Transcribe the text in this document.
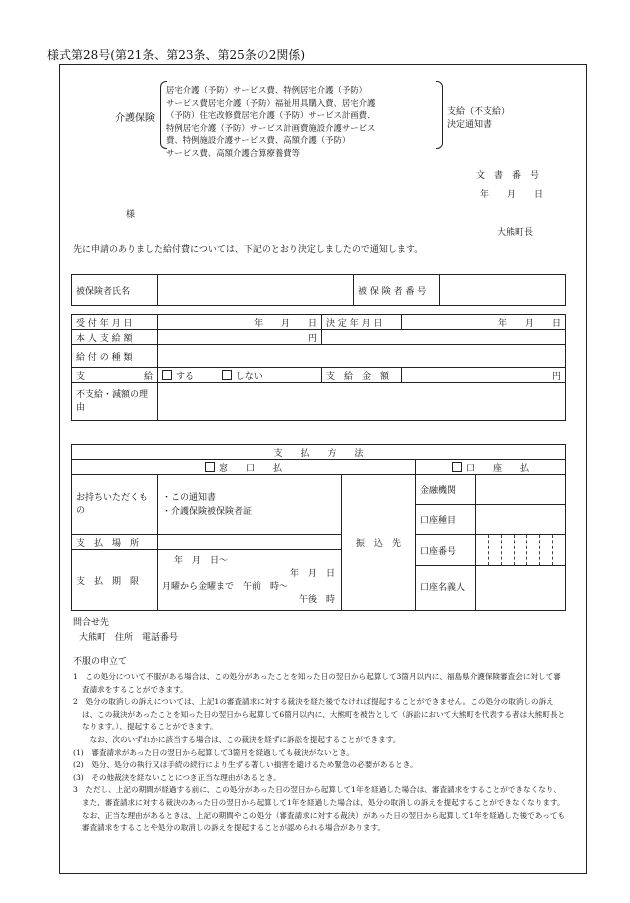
様式第28号(第21条、第23条、第25条の2関係)
介護保険
居宅介護（予防）サービス費、特例居宅介護（予防）
サービス費居宅介護（予防）福祉用具購入費、居宅介護
（予防）住宅改修費居宅介護（予防）サービス計画費、
特例居宅介護（予防）サービス計画費施設介護サービス
費、特例施設介護サービス費、高額介護（予防）
サービス費、高額介護合算療養費等
支給（不支給）
決定通知書
文　書　番　号
年　　月　　日
様
大熊町長
先に申請のありました給付費については、下記のとおり決定しましたので通知します。
被保険者氏名		被 保 険 者 番 号	
受 付 年 月 日	年　　月　　日	決 定 年 月 日	年　　月　　日
本 人 支 給 額	円		
給 付 の 種 類			

支 給	する しない	支　給　金　額	円
不支給・減額の理由			
支　　払　　方　　法				
窓　　口　　払			口　　座　　払	
お持ちいただくもの	・この通知書
・介護保険被保険者証	振　込　先	金融機関	
			口座種目	
支　払　場　所			口座番号	

支　払　期　限	年　月　日〜
年　月　日
月曜から金曜まで　午前　時〜
午後　時			

			口座名義人	
問合せ先
大熊町　住所　電話番号
不服の申立て
1　この処分について不服がある場合は、この処分があったことを知った日の翌日から起算して3箇月以内に、福島県介護保険審査会に対して審査請求をすることができます。
2　処分の取消しの訴えについては、上記1の審査請求に対する裁決を経た後でなければ提起することができません。この処分の取消しの訴えは、この裁決があったことを知った日の翌日から起算して6箇月以内に、大熊町を被告として（訴訟において大熊町を代表する者は大熊町長となります。）、提起することができます。
　なお、次のいずれかに該当する場合は、この裁決を経ずに訴訟を提起することができます。
(1)　審査請求があった日の翌日から起算して3箇月を経過しても裁決がないとき。
(2)　処分、処分の執行又は手続の続行により生ずる著しい損害を避けるため緊急の必要があるとき。
(3)　その他裁決を経ないことにつき正当な理由があるとき。
3　ただし、上記の期間が経過する前に、この処分があった日の翌日から起算して1年を経過した場合は、審査請求をすることができなくなり、また、審査請求に対する裁決のあった日の翌日から起算して1年を経過した場合は、処分の取消しの訴えを提起することができなくなります。なお、正当な理由があるときは、上記の期間やこの処分（審査請求に対する裁決）があった日の翌日から起算して1年を経過した後であっても審査請求をすることや処分の取消しの訴えを提起することが認められる場合があります。
